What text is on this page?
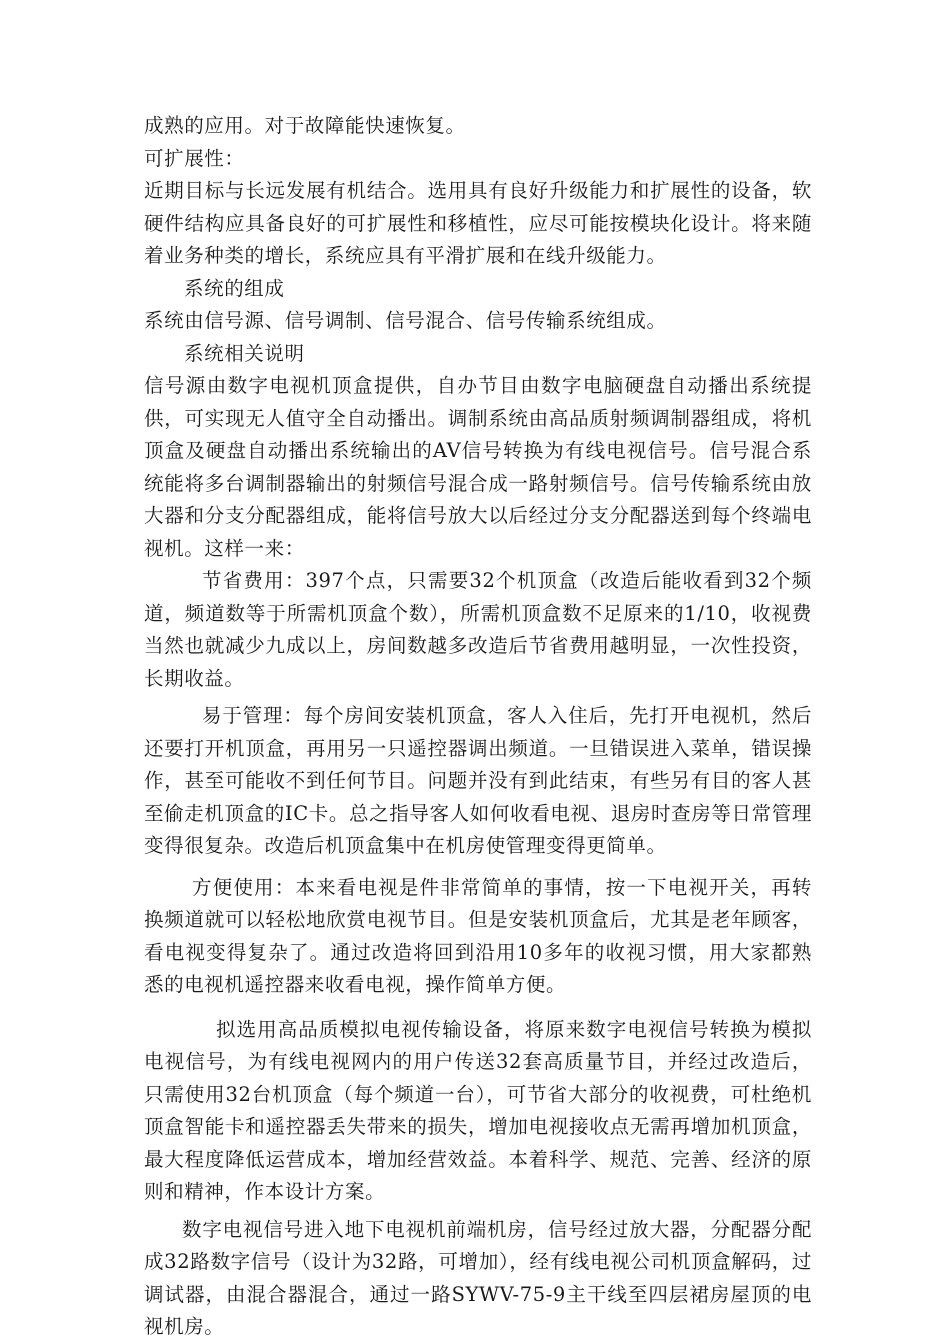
成熟的应用。对于故障能快速恢复。

可扩展性：

近期目标与长远发展有机结合。选用具有良好升级能力和扩展性的设备，软硬件结构应具备良好的可扩展性和移植性，应尽可能按模块化设计。将来随着业务种类的增长，系统应具有平滑扩展和在线升级能力。

系统的组成

系统由信号源、信号调制、信号混合、信号传输系统组成。

系统相关说明

信号源由数字电视机顶盒提供，自办节目由数字电脑硬盘自动播出系统提供，可实现无人值守全自动播出。调制系统由高品质射频调制器组成，将机顶盒及硬盘自动播出系统输出的AV信号转换为有线电视信号。信号混合系统能将多台调制器输出的射频信号混合成一路射频信号。信号传输系统由放大器和分支分配器组成，能将信号放大以后经过分支分配器送到每个终端电视机。这样一来：

节省费用：397个点，只需要32个机顶盒（改造后能收看到32个频道，频道数等于所需机顶盒个数），所需机顶盒数不足原来的1/10，收视费当然也就减少九成以上，房间数越多改造后节省费用越明显，一次性投资，长期收益。

易于管理：每个房间安装机顶盒，客人入住后，先打开电视机，然后还要打开机顶盒，再用另一只遥控器调出频道。一旦错误进入菜单，错误操作，甚至可能收不到任何节目。问题并没有到此结束，有些另有目的客人甚至偷走机顶盒的IC卡。总之指导客人如何收看电视、退房时查房等日常管理变得很复杂。改造后机顶盒集中在机房使管理变得更简单。

方便使用：本来看电视是件非常简单的事情，按一下电视开关，再转换频道就可以轻松地欣赏电视节目。但是安装机顶盒后，尤其是老年顾客，看电视变得复杂了。通过改造将回到沿用10多年的收视习惯，用大家都熟悉的电视机遥控器来收看电视，操作简单方便。

拟选用高品质模拟电视传输设备，将原来数字电视信号转换为模拟电视信号，为有线电视网内的用户传送32套高质量节目，并经过改造后，只需使用32台机顶盒（每个频道一台），可节省大部分的收视费，可杜绝机顶盒智能卡和遥控器丢失带来的损失，增加电视接收点无需再增加机顶盒，最大程度降低运营成本，增加经营效益。本着科学、规范、完善、经济的原则和精神，作本设计方案。

数字电视信号进入地下电视机前端机房，信号经过放大器，分配器分配成32路数字信号（设计为32路，可增加），经有线电视公司机顶盒解码，过调试器，由混合器混合，通过一路SYWV-75-9主干线至四层裙房屋顶的电视机房。
